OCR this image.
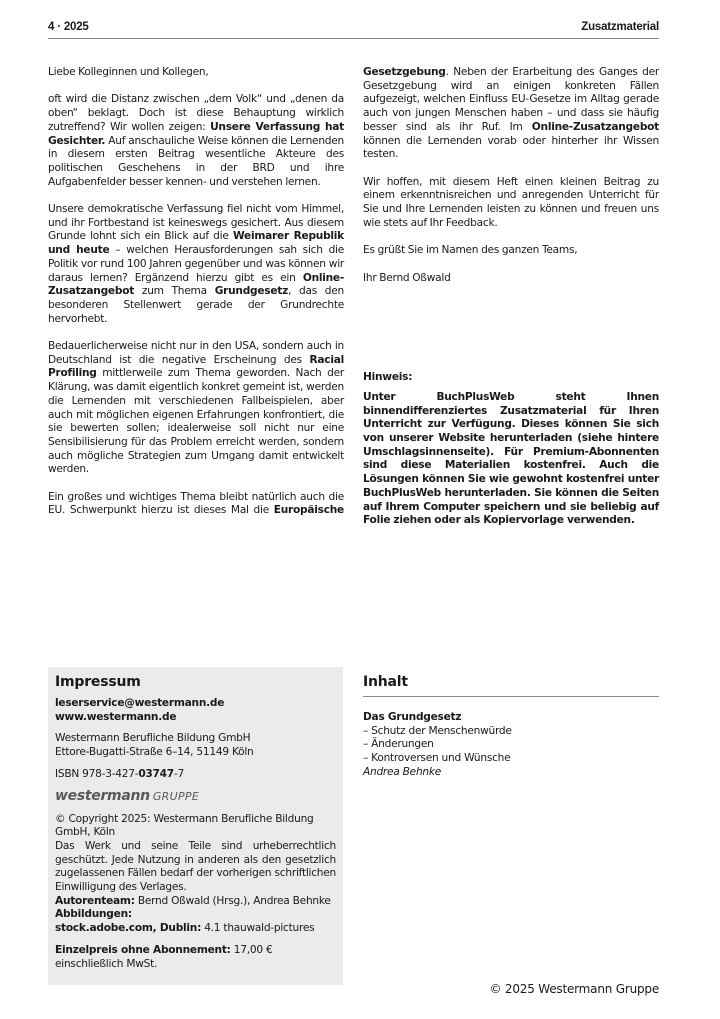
4 · 2025	Zusatzmaterial

Liebe Kolleginnen und Kollegen,

oft wird die Distanz zwischen „dem Volk“ und „denen da oben“ beklagt. Doch ist diese Behauptung wirklich zutreffend? Wir wollen zeigen: Unsere Verfassung hat Gesichter. Auf anschauliche Weise können die Lernenden in diesem ersten Beitrag wesentliche Akteure des politischen Geschehens in der BRD und ihre Aufgabenfelder besser kennen- und verstehen lernen.

Unsere demokratische Verfassung fiel nicht vom Himmel, und ihr Fortbestand ist keineswegs gesichert. Aus diesem Grunde lohnt sich ein Blick auf die Weimarer Republik und heute – welchen Herausforderungen sah sich die Politik vor rund 100 Jahren gegenüber und was können wir daraus lernen? Ergänzend hierzu gibt es ein Online-Zusatzangebot zum Thema Grundgesetz, das den besonderen Stellenwert gerade der Grundrechte hervorhebt.

Bedauerlicherweise nicht nur in den USA, sondern auch in Deutschland ist die negative Erscheinung des Racial Profiling mittlerweile zum Thema geworden. Nach der Klärung, was damit eigentlich konkret gemeint ist, werden die Lernenden mit verschiedenen Fallbeispielen, aber auch mit möglichen eigenen Erfahrungen konfrontiert, die sie bewerten sollen; idealerweise soll nicht nur eine Sensibilisierung für das Problem erreicht werden, sondern auch mögliche Strategien zum Umgang damit entwickelt werden.

Ein großes und wichtiges Thema bleibt natürlich auch die EU. Schwerpunkt hierzu ist dieses Mal die Europäische

Gesetzgebung. Neben der Erarbeitung des Ganges der Gesetzgebung wird an einigen konkreten Fällen aufgezeigt, welchen Einfluss EU-Gesetze im Alltag gerade auch von jungen Menschen haben – und dass sie häufig besser sind als ihr Ruf. Im Online-Zusatzangebot können die Lernenden vorab oder hinterher ihr Wissen testen.

Wir hoffen, mit diesem Heft einen kleinen Beitrag zu einem erkenntnisreichen und anregenden Unterricht für Sie und Ihre Lernenden leisten zu können und freuen uns wie stets auf Ihr Feedback.

Es grüßt Sie im Namen des ganzen Teams,

Ihr Bernd Oßwald

Hinweis:
Unter BuchPlusWeb steht Ihnen binnendifferenziertes Zusatzmaterial für Ihren Unterricht zur Verfügung. Dieses können Sie sich von unserer Website herunterladen (siehe hintere Umschlagsinnenseite). Für Premium-Abonnenten sind diese Materialien kostenfrei. Auch die Lösungen können Sie wie gewohnt kostenfrei unter BuchPlusWeb herunterladen. Sie können die Seiten auf Ihrem Computer speichern und sie beliebig auf Folie ziehen oder als Kopiervorlage verwenden.
Impressum
leserservice@westermann.de
www.westermann.de
Westermann Berufliche Bildung GmbH
Ettore-Bugatti-Straße 6–14, 51149 Köln
ISBN 978-3-427-03747-7
westermann GRUPPE
© Copyright 2025: Westermann Berufliche Bildung GmbH, Köln
Das Werk und seine Teile sind urheberrechtlich geschützt. Jede Nutzung in anderen als den gesetzlich zugelassenen Fällen bedarf der vorherigen schriftlichen Einwilligung des Verlages.
Autorenteam: Bernd Oßwald (Hrsg.), Andrea Behnke
Abbildungen:
stock.adobe.com, Dublin: 4.1 thauwald-pictures
Einzelpreis ohne Abonnement: 17,00 € einschließlich MwSt.
Inhalt
Das Grundgesetz
– Schutz der Menschenwürde
– Änderungen
– Kontroversen und Wünsche
Andrea Behnke
© 2025 Westermann Gruppe
